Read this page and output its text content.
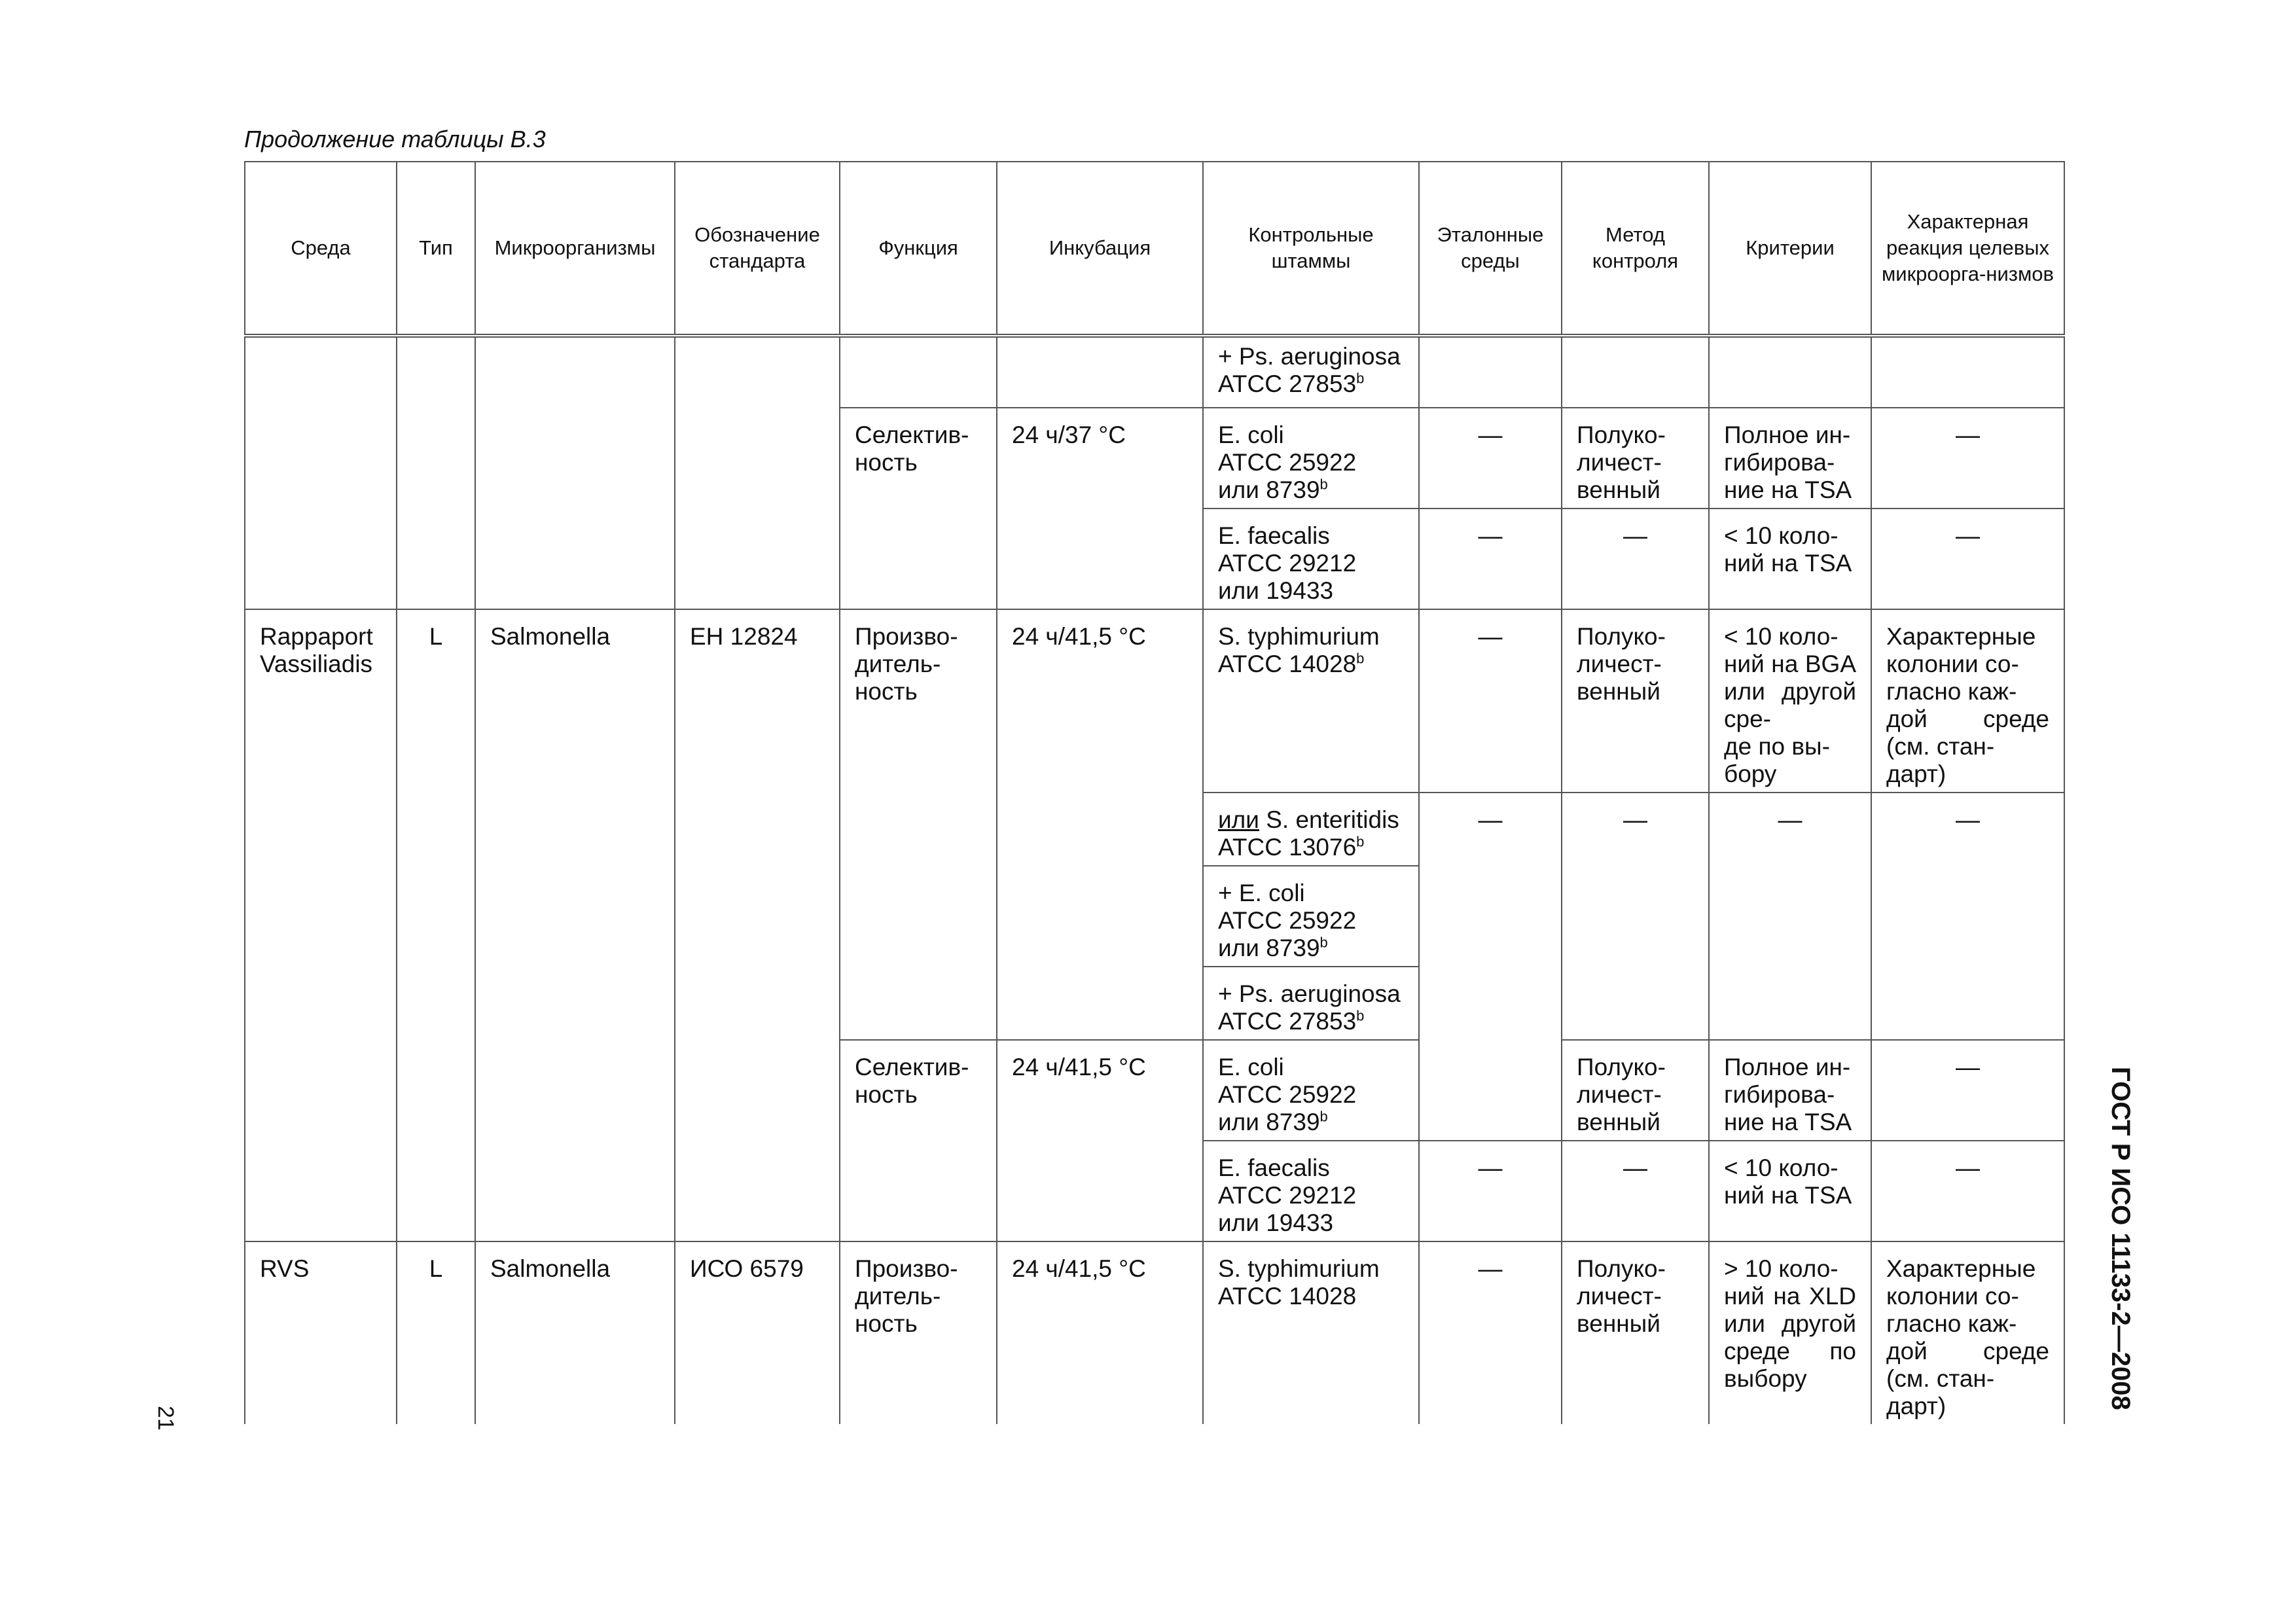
Продолжение таблицы В.3
Среда	Тип	Микроорганизмы	Обозначение стандарта	Функция	Инкубация	Контрольные штаммы	Эталонные среды	Метод контроля	Критерии	Характерная реакция целевых микроорга-низмов
						+ Ps. aeruginosa
ATCC 27853$^b$				
				Селектив-
ность	24 ч/37 °С	E. coli
ATCC 25922
или 8739$^b$	—	Полуко-
личест-
венный	Полное ин-
гибирова-
ние на TSA	—
						E. faecalis
ATCC 29212
или 19433	—	—	< 10 коло-
ний на TSA	—
Rappaport
Vassiliadis	L	Salmonella	EH 12824	Произво-
дитель-
ность	24 ч/41,5 °С	S. typhimurium
ATCC 14028$^b$	—	Полуко-
личест-
венный	< 10 коло-
ний на BGA или другой сре-
де по вы-
бору	Характерные колонии со-
гласно каж-
дой среде (см. стан-
дарт)
						или S. enteritidis
ATCC 13076$^b$	—	—	—	—
						+ E. coli
ATCC 25922
или 8739$^b$
						+ Ps. aeruginosa
ATCC 27853$^b$
				Селектив-
ность	24 ч/41,5 °С	E. coli
ATCC 25922
или 8739$^b$		Полуко-
личест-
венный	Полное ин-
гибирова-
ние на TSA	—
						E. faecalis
ATCC 29212
или 19433	—	—	< 10 коло-
ний на TSA	—
RVS	L	Salmonella	ИСО 6579	Произво-
дитель-
ность	24 ч/41,5 °С	S. typhimurium
ATCC 14028	—	Полуко-
личест-
венный	> 10 коло-
ний на XLD или другой среде по выбору	Характерные колонии со-
гласно каж-
дой среде (см. стан-
дарт)
21
ГОСТ Р ИСО 11133-2—2008
